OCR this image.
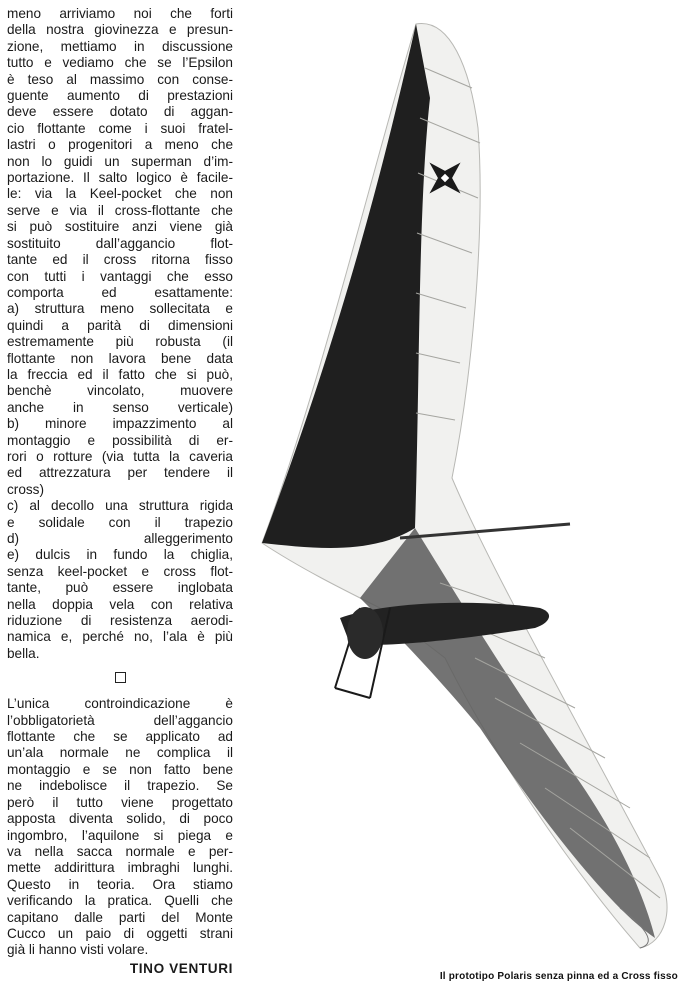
meno arriviamo noi che forti
della nostra giovinezza e presun-
zione, mettiamo in discussione
tutto e vediamo che se l’Epsilon
è teso al massimo con conse-
guente aumento di prestazioni
deve essere dotato di aggan-
cio flottante come i suoi fratel-
lastri o progenitori a meno che
non lo guidi un superman d’im-
portazione. Il salto logico è facile-
le: via la Keel-pocket che non
serve e via il cross-flottante che
si può sostituire anzi viene già
sostituito dall’aggancio flot-
tante ed il cross ritorna fisso
con tutti i vantaggi che esso
comporta ed esattamente:
a) struttura meno sollecitata e
quindi a parità di dimensioni
estremamente più robusta (il
flottante non lavora bene data
la freccia ed il fatto che si può,
benchè vincolato, muovere
anche in senso verticale)
b) minore impazzimento al
montaggio e possibilità di er-
rori o rotture (via tutta la caveria
ed attrezzatura per tendere il
cross)
c) al decollo una struttura rigida
e solidale con il trapezio
d) alleggerimento
e) dulcis in fundo la chiglia,
senza keel-pocket e cross flot-
tante, può essere inglobata
nella doppia vela con relativa
riduzione di resistenza aerodi-
namica e, perché no, l’ala è più
bella.
L’unica controindicazione è
l’obbligatorietà dell’aggancio
flottante che se applicato ad
un’ala normale ne complica il
montaggio e se non fatto bene
ne indebolisce il trapezio. Se
però il tutto viene progettato
apposta diventa solido, di poco
ingombro, l’aquilone si piega e
va nella sacca normale e per-
mette addirittura imbraghi lunghi.
Questo in teoria. Ora stiamo
verificando la pratica. Quelli che
capitano dalle parti del Monte
Cucco un paio di oggetti strani
già li hanno visti volare.
TINO VENTURI
Il prototipo Polaris senza pinna ed a Cross fisso
